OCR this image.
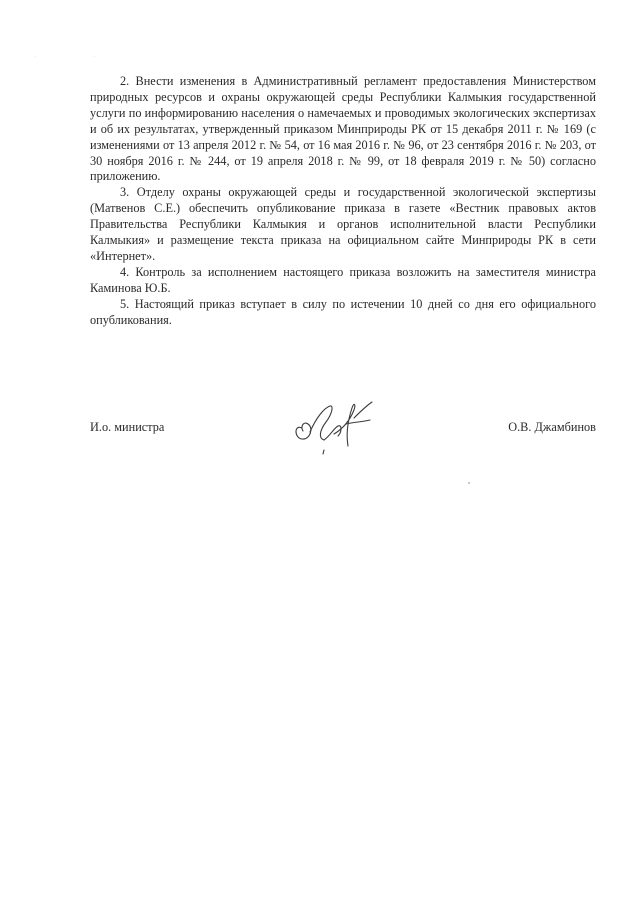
· ·

2. Внести изменения в Административный регламент предоставления Министерством природных ресурсов и охраны окружающей среды Республики Калмыкия государственной услуги по информированию населения о намечаемых и проводимых экологических экспертизах и об их результатах, утвержденный приказом Минприроды РК от 15 декабря 2011 г. № 169 (с изменениями от 13 апреля 2012 г. № 54, от 16 мая 2016 г. № 96, от 23 сентября 2016 г. № 203, от 30 ноября 2016 г. № 244, от 19 апреля 2018 г. № 99, от 18 февраля 2019 г. № 50) согласно приложению.

3. Отделу охраны окружающей среды и государственной экологической экспертизы (Матвенов С.Е.) обеспечить опубликование приказа в газете «Вестник правовых актов Правительства Республики Калмыкия и органов исполнительной власти Республики Калмыкия» и размещение текста приказа на официальном сайте Минприроды РК в сети «Интернет».

4. Контроль за исполнением настоящего приказа возложить на заместителя министра Каминова Ю.Б.

5. Настоящий приказ вступает в силу по истечении 10 дней со дня его официального опубликования.

И.о. министра	О.В. Джамбинов
